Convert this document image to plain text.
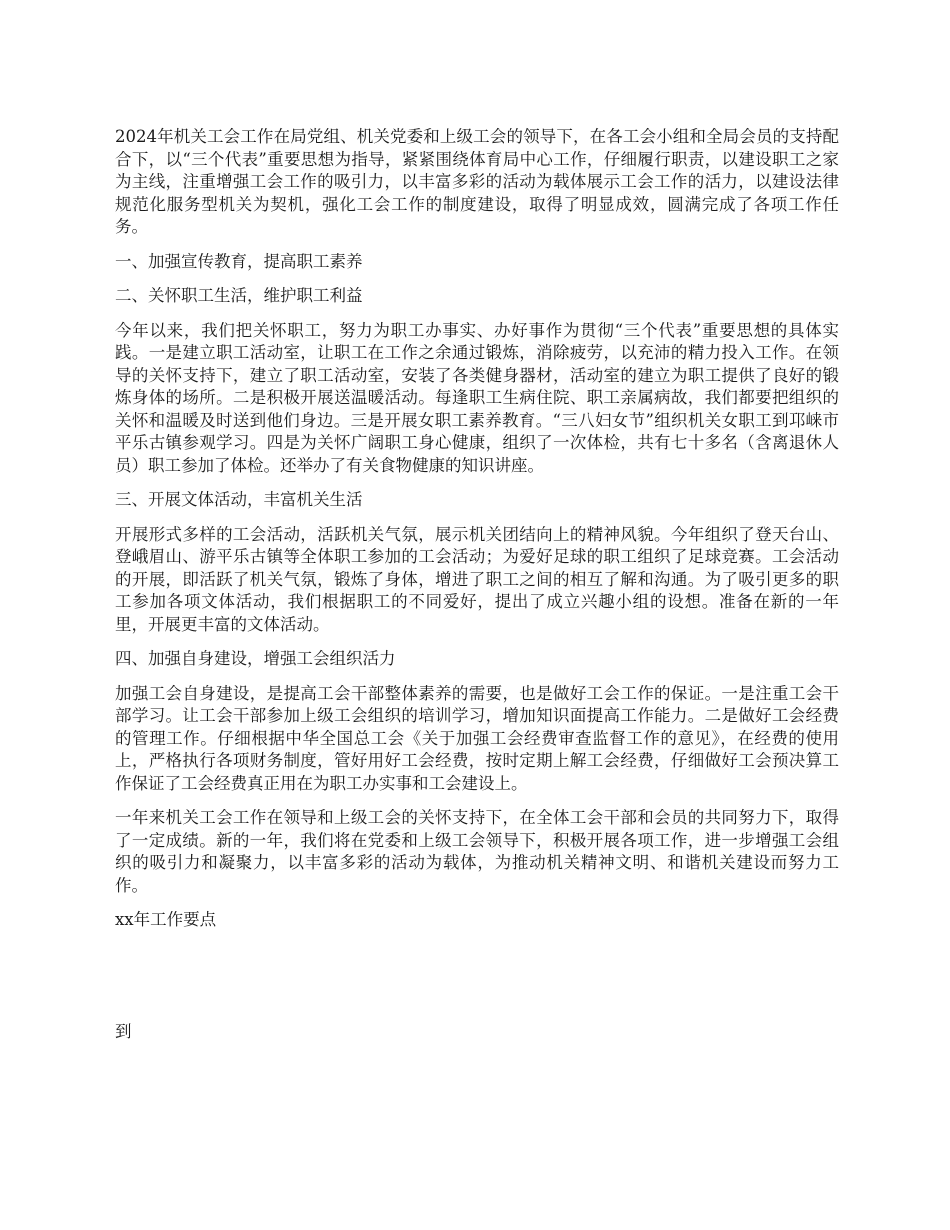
2024年机关工会工作在局党组、机关党委和上级工会的领导下，在各工会小组和全局会员的支持配合下，以“三个代表”重要思想为指导，紧紧围绕体育局中心工作，仔细履行职责，以建设职工之家为主线，注重增强工会工作的吸引力，以丰富多彩的活动为载体展示工会工作的活力，以建设法律规范化服务型机关为契机，强化工会工作的制度建设，取得了明显成效，圆满完成了各项工作任务。

一、加强宣传教育，提高职工素养

二、关怀职工生活，维护职工利益

今年以来，我们把关怀职工，努力为职工办事实、办好事作为贯彻“三个代表”重要思想的具体实践。一是建立职工活动室，让职工在工作之余通过锻炼，消除疲劳，以充沛的精力投入工作。在领导的关怀支持下，建立了职工活动室，安装了各类健身器材，活动室的建立为职工提供了良好的锻炼身体的场所。二是积极开展送温暖活动。每逢职工生病住院、职工亲属病故，我们都要把组织的关怀和温暖及时送到他们身边。三是开展女职工素养教育。“三八妇女节”组织机关女职工到邛崃市平乐古镇参观学习。四是为关怀广阔职工身心健康，组织了一次体检，共有七十多名（含离退休人员）职工参加了体检。还举办了有关食物健康的知识讲座。

三、开展文体活动，丰富机关生活

开展形式多样的工会活动，活跃机关气氛，展示机关团结向上的精神风貌。今年组织了登天台山、登峨眉山、游平乐古镇等全体职工参加的工会活动；为爱好足球的职工组织了足球竞赛。工会活动的开展，即活跃了机关气氛，锻炼了身体，增进了职工之间的相互了解和沟通。为了吸引更多的职工参加各项文体活动，我们根据职工的不同爱好，提出了成立兴趣小组的设想。准备在新的一年里，开展更丰富的文体活动。

四、加强自身建设，增强工会组织活力

加强工会自身建设，是提高工会干部整体素养的需要，也是做好工会工作的保证。一是注重工会干部学习。让工会干部参加上级工会组织的培训学习，增加知识面提高工作能力。二是做好工会经费的管理工作。仔细根据中华全国总工会《关于加强工会经费审查监督工作的意见》，在经费的使用上，严格执行各项财务制度，管好用好工会经费，按时定期上解工会经费，仔细做好工会预决算工作保证了工会经费真正用在为职工办实事和工会建设上。

一年来机关工会工作在领导和上级工会的关怀支持下，在全体工会干部和会员的共同努力下，取得了一定成绩。新的一年，我们将在党委和上级工会领导下，积极开展各项工作，进一步增强工会组织的吸引力和凝聚力，以丰富多彩的活动为载体，为推动机关精神文明、和谐机关建设而努力工作。

xx年工作要点

到
